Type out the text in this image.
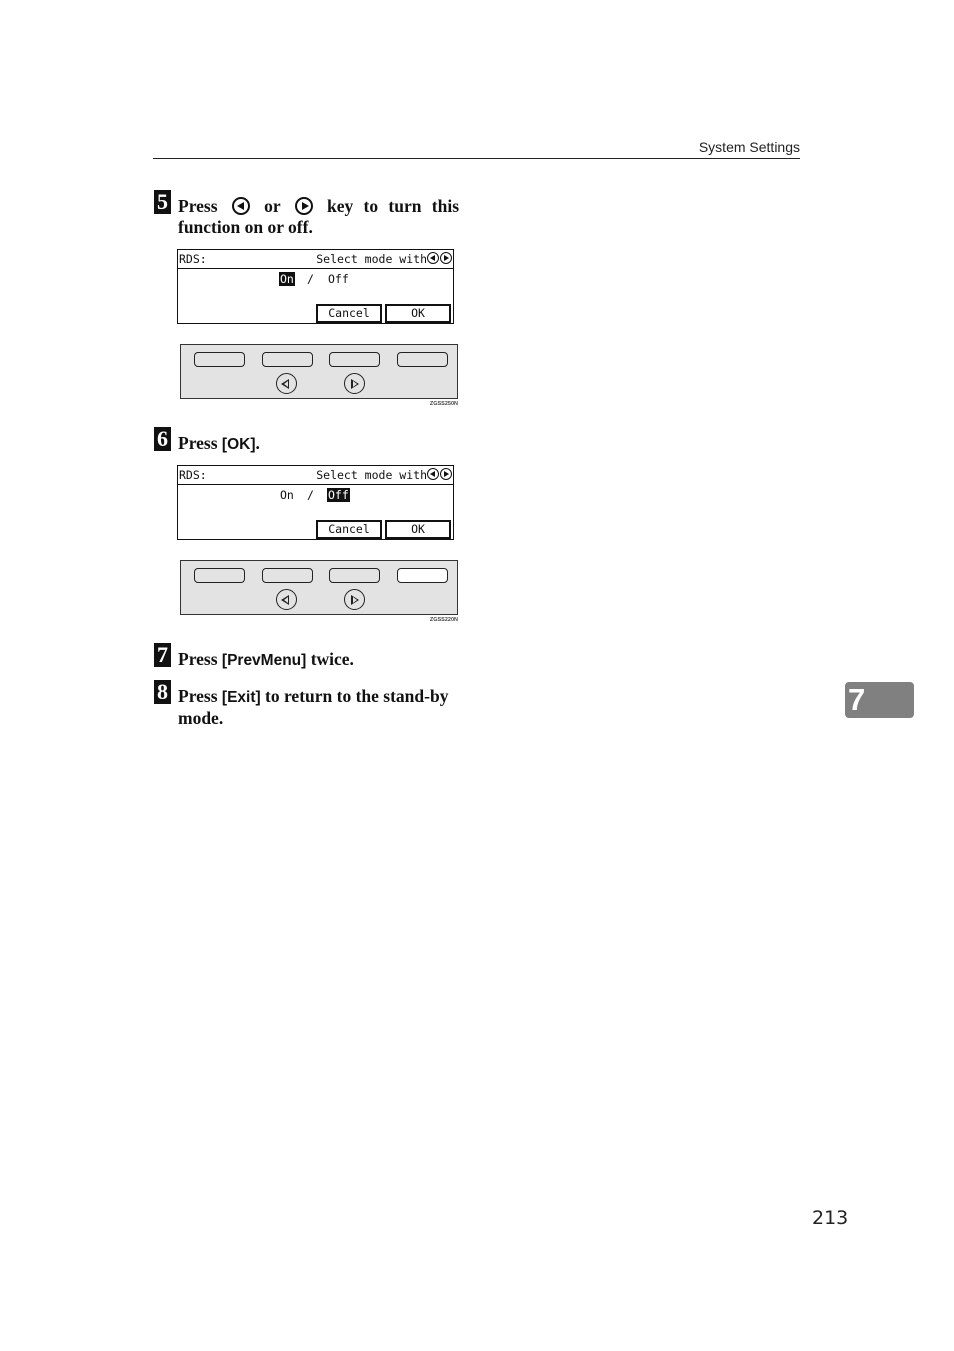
System Settings
5 Press	or	key to turn this function on or off.
RDS:	Select mode with
On / Off
Cancel	OK
ZGSS250N
6 Press [OK].
RDS:	Select mode with
On / Off
Cancel	OK
ZGSS220N
7 Press [PrevMenu] twice.
8 Press [Exit] to return to the stand-by mode.
7
213
